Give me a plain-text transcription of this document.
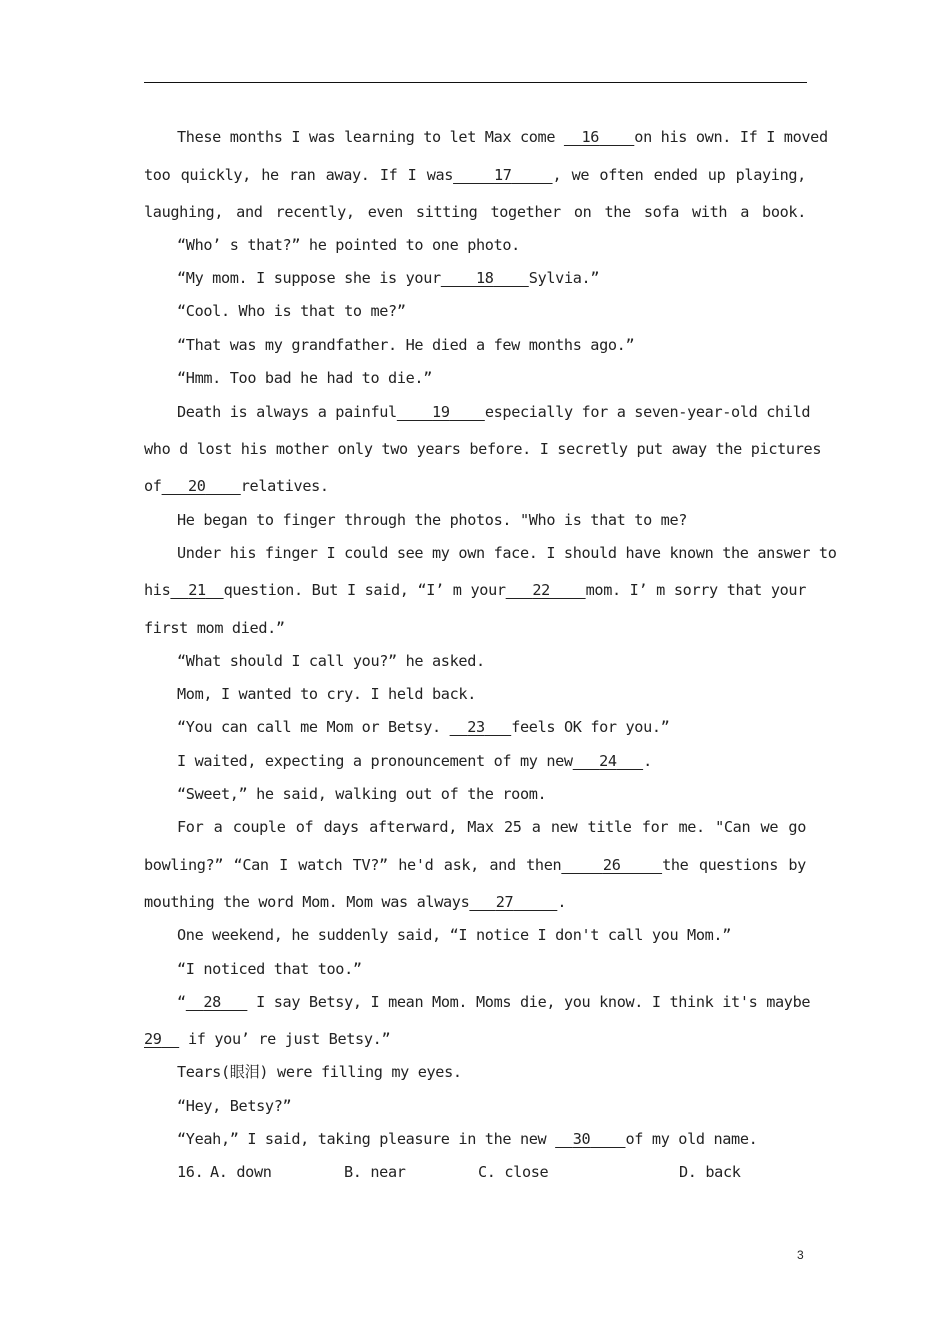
These months I was learning to let Max come   16 on his own. If I moved
too quickly, he ran away. If I was	17	, we often ended up playing,
laughing, and recently, even sitting together on the sofa with a book.
“Who’ s that?” he pointed to one photo.
“My mom. I suppose she is your 18 Sylvia.”
“Cool. Who is that to me?”
“That was my grandfather. He died a few months ago.”
“Hmm. Too bad he had to die.”
Death is always a painful 19 especially for a seven-year-old child
who d lost his mother only two years before. I secretly put away the pictures
of 20 relatives.
He began to finger through the photos. "Who is that to me?
Under his finger I could see my own face. I should have known the answer to
his 21 question. But I said, “I’ m your 22 mom. I’ m sorry that your
first mom died.”
“What should I call you?” he asked.
Mom, I wanted to cry. I held back.
“You can call me Mom or Betsy.   23 feels OK for you.”
I waited, expecting a pronouncement of my new 24 .
“Sweet,” he said, walking out of the room.
For a couple of days afterward, Max 25 a new title for me. "Can we go
bowling?” “Can I watch TV?” he'd ask, and then	26	the questions by
mouthing the word Mom. Mom was always 27	.
One weekend, he suddenly said, “I notice I don't call you Mom.”
“I noticed that too.”
“ 28    I say Betsy, I mean Mom. Moms die, you know. I think it's maybe
29   if you’ re just Betsy.”
Tears(眼泪) were filling my eyes.
“Hey, Betsy?”
“Yeah,” I said, taking pleasure in the new   30 of my old name.
16. A. down	B. near	C. close	D. back
3
